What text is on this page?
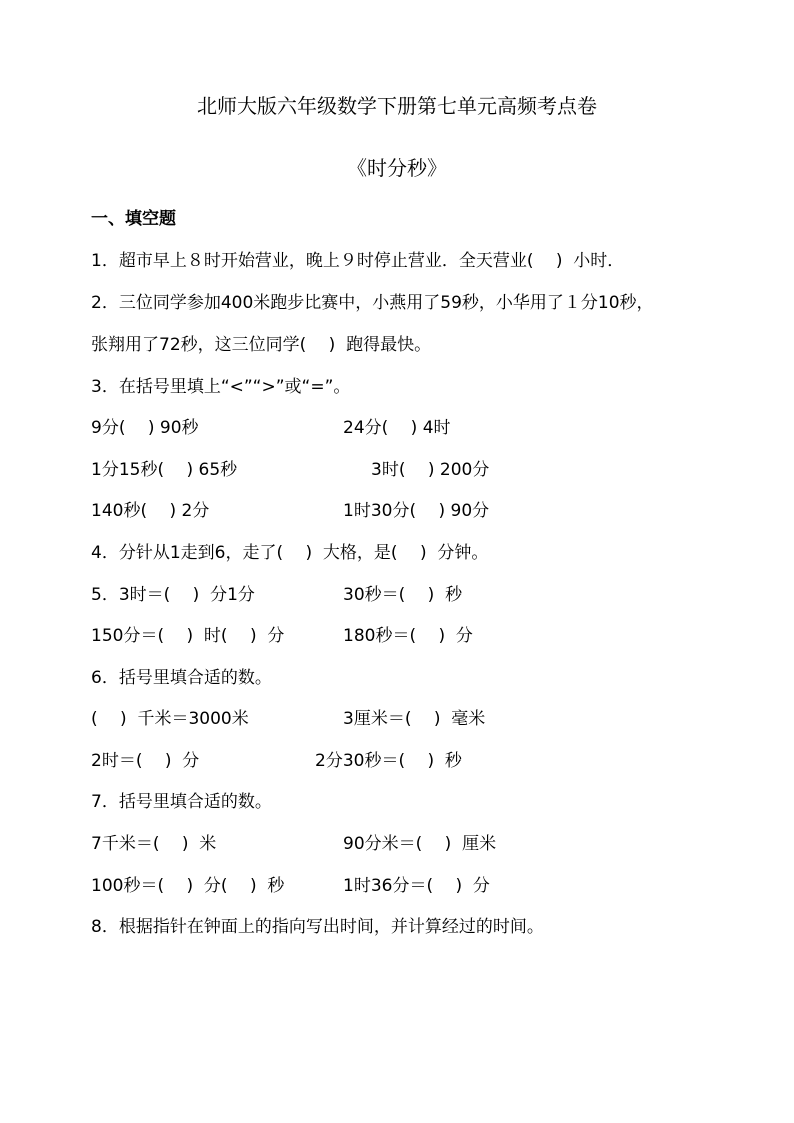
北师大版六年级数学下册第七单元高频考点卷
《时分秒》
一、填空题
1．超市早上８时开始营业，晚上９时停止营业．全天营业(　 )  小时．
2．三位同学参加400米跑步比赛中，小燕用了59秒，小华用了１分10秒，
张翔用了72秒，这三位同学(　 )  跑得最快。
3．在括号里填上“<”“>”或“=”。
9分(　 ) 90秒	24分(　 ) 4时
1分15秒(　 ) 65秒	3时(　 ) 200分
140秒(　 ) 2分	1时30分(　 ) 90分
4．分针从1走到6，走了(　 )  大格，是(　 )  分钟。
5．3时＝(　 )  分1分	30秒＝(　 )  秒
150分＝(　 )  时(　 )  分	180秒＝(　 )  分
6．括号里填合适的数。
(　 )  千米＝3000米	3厘米＝(　 )  毫米
2时＝(　 )  分	2分30秒＝(　 )  秒
7．括号里填合适的数。
7千米＝(　 )  米	90分米＝(　 )  厘米
100秒＝(　 )  分(　 )  秒	1时36分＝(　 )  分
8．根据指针在钟面上的指向写出时间，并计算经过的时间。
